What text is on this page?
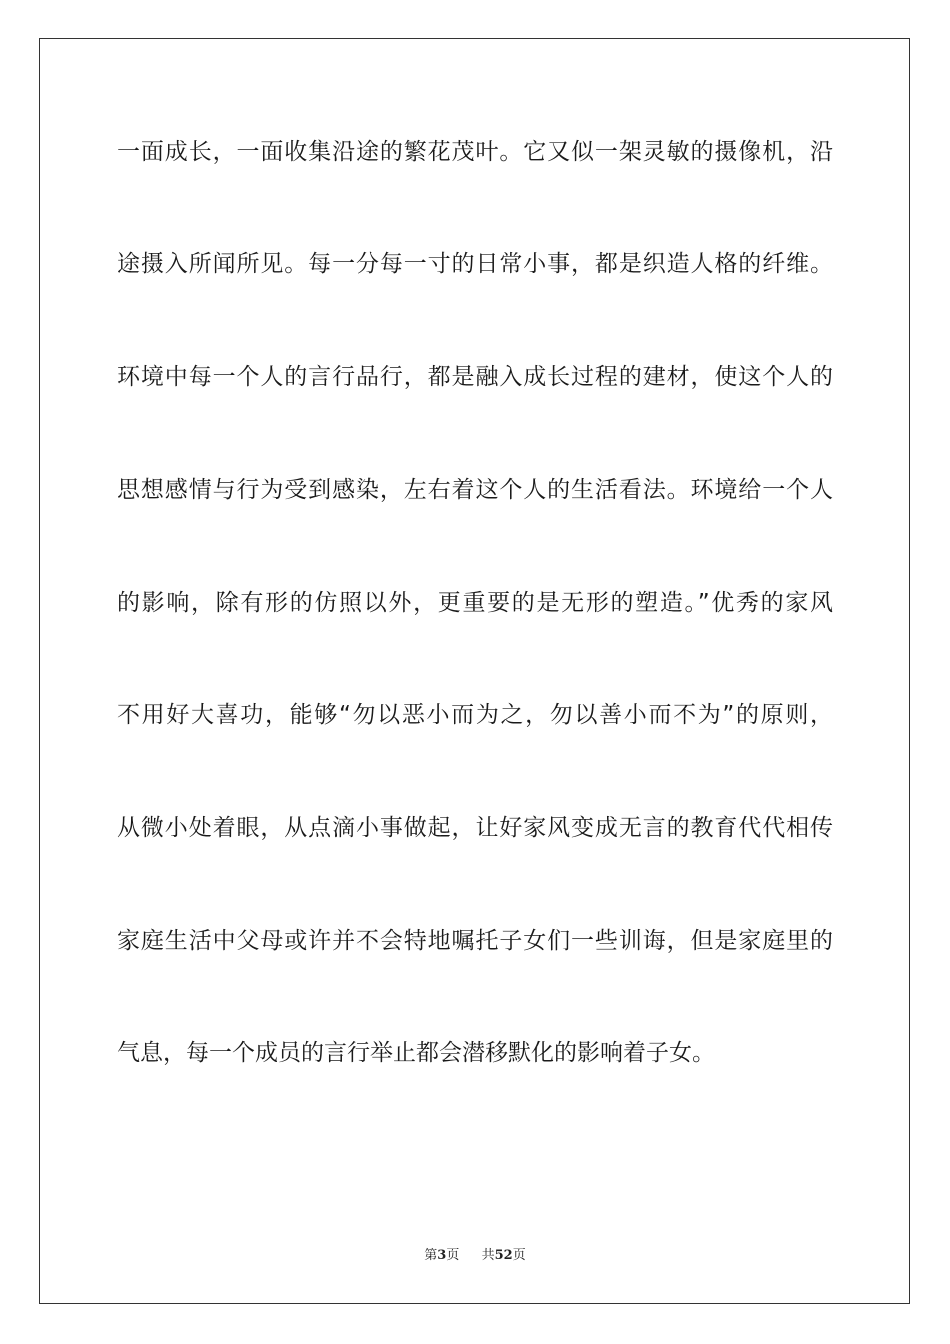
一面成长，一面收集沿途的繁花茂叶。它又似一架灵敏的摄像机，沿
途摄入所闻所见。每一分每一寸的日常小事，都是织造人格的纤维。
环境中每一个人的言行品行，都是融入成长过程的建材，使这个人的
思想感情与行为受到感染，左右着这个人的生活看法。环境给一个人
的影响，除有形的仿照以外，更重要的是无形的塑造。”优秀的家风
不用好大喜功，能够“勿以恶小而为之，勿以善小而不为”的原则，
从微小处着眼，从点滴小事做起，让好家风变成无言的教育代代相传
家庭生活中父母或许并不会特地嘱托子女们一些训诲，但是家庭里的
气息，每一个成员的言行举止都会潜移默化的影响着子女。
第3页 共52页
